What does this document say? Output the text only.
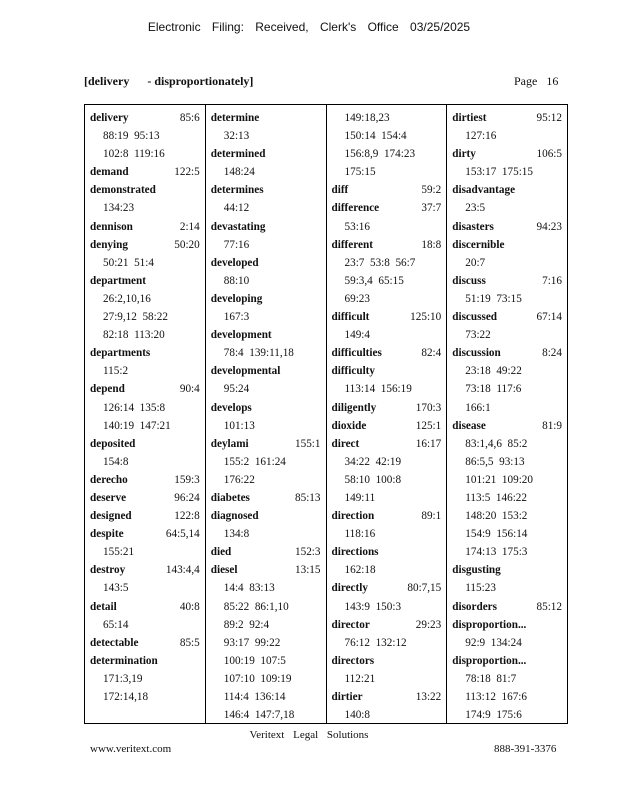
Electronic Filing: Received, Clerk's Office 03/25/2025
[delivery      - disproportionately]	Page   16
delivery	85:6
88:19  95:13
102:8  119:16
demand	122:5
demonstrated
134:23
dennison	2:14
denying	50:20
50:21  51:4
department
26:2,10,16
27:9,12  58:22
82:18  113:20
departments
115:2
depend	90:4
126:14  135:8
140:19  147:21
deposited
154:8
derecho	159:3
deserve	96:24
designed	122:8
despite	64:5,14
155:21
destroy	143:4,4
143:5
detail	40:8
65:14
detectable	85:5
determination
171:3,19
172:14,18
determine
32:13
determined
148:24
determines
44:12
devastating
77:16
developed
88:10
developing
167:3
development
78:4  139:11,18
developmental
95:24
develops
101:13
deylami	155:1
155:2  161:24
176:22
diabetes	85:13
diagnosed
134:8
died	152:3
diesel	13:15
14:4  83:13
85:22  86:1,10
89:2  92:4
93:17  99:22
100:19  107:5
107:10  109:19
114:4  136:14
146:4  147:7,18
149:18,23
150:14  154:4
156:8,9  174:23
175:15
diff	59:2
difference	37:7
53:16
different	18:8
23:7  53:8  56:7
59:3,4  65:15
69:23
difficult	125:10
149:4
difficulties	82:4
difficulty
113:14  156:19
diligently	170:3
dioxide	125:1
direct	16:17
34:22  42:19
58:10  100:8
149:11
direction	89:1
118:16
directions
162:18
directly	80:7,15
143:9  150:3
director	29:23
76:12  132:12
directors
112:21
dirtier	13:22
140:8
dirtiest	95:12
127:16
dirty	106:5
153:17  175:15
disadvantage
23:5
disasters	94:23
discernible
20:7
discuss	7:16
51:19  73:15
discussed	67:14
73:22
discussion	8:24
23:18  49:22
73:18  117:6
166:1
disease	81:9
83:1,4,6  85:2
86:5,5  93:13
101:21  109:20
113:5  146:22
148:20  153:2
154:9  156:14
174:13  175:3
disgusting
115:23
disorders	85:12
disproportion...
92:9  134:24
disproportion...
78:18  81:7
113:12  167:6
174:9  175:6
Veritext Legal Solutions
www.veritext.com	888-391-3376
